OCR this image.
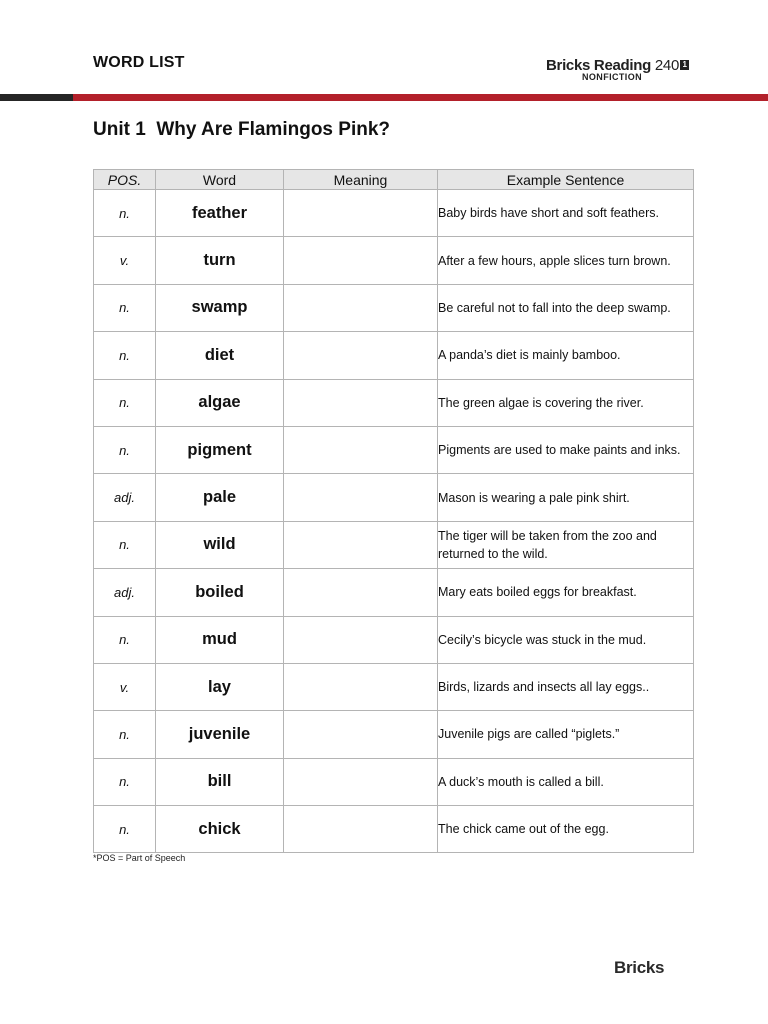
WORD LIST	Bricks Reading 240 1
NONFICTION
Unit 1  Why Are Flamingos Pink?
POS.	Word	Meaning	Example Sentence
n.	feather		Baby birds have short and soft feathers.
v.	turn		After a few hours, apple slices turn brown.
n.	swamp		Be careful not to fall into the deep swamp.
n.	diet		A panda’s diet is mainly bamboo.
n.	algae		The green algae is covering the river.
n.	pigment		Pigments are used to make paints and inks.
adj.	pale		Mason is wearing a pale pink shirt.
n.	wild		The tiger will be taken from the zoo and returned to the wild.
adj.	boiled		Mary eats boiled eggs for breakfast.
n.	mud		Cecily’s bicycle was stuck in the mud.
v.	lay		Birds, lizards and insects all lay eggs..
n.	juvenile		Juvenile pigs are called “piglets.”
n.	bill		A duck’s mouth is called a bill.
n.	chick		The chick came out of the egg.
*POS = Part of Speech
Bricks
